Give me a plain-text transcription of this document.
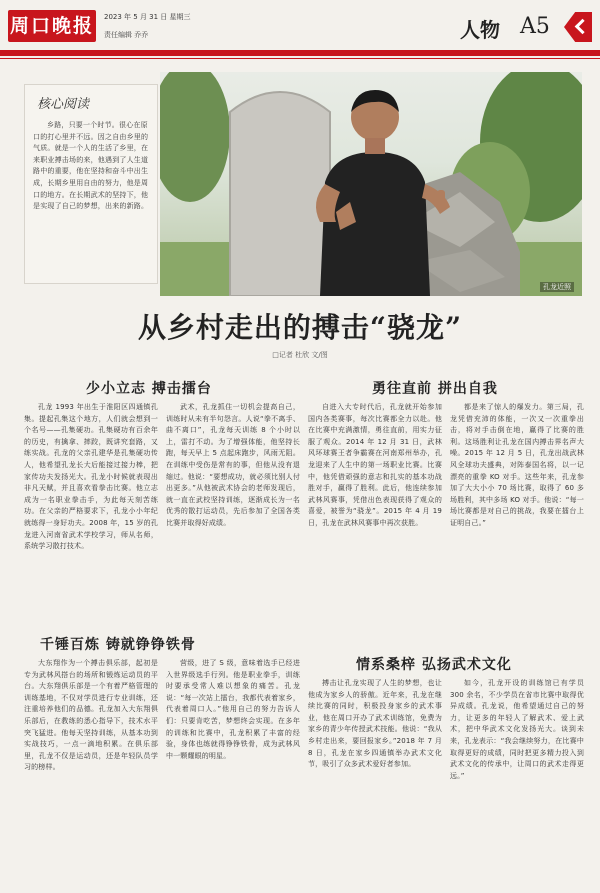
周口晚报 2023 年 5 月 31 日 星期三
责任编辑 乔乔	人物 A5
核心阅读
乡路，只要一个时节。很心在原口的打心里并不远。因之自由乡里的气质。就是一个人的生活了乡里，在来职业搏击场的来，他遇到了人生道路中的重要，他在坚持和奋斗中出生成，长期乡里用自由的努力，他是周口的地方。在长期武术的坚持下，他是实现了自己的梦想，出来的新路。
孔龙近照
从乡村走出的搏击“骁龙”
□记者 杜欣 文/图
少小立志 搏击擂台

孔龙 1993 年出生于淮阳区四通镇孔集。提起孔集这个地方，人们就会想到一个名号——孔集硬功。孔集硬功有百余年的历史，有擒拿、摔跤，既讲究套路，又练实战。孔龙的父亲孔建华是孔集硬功传人，他希望孔龙长大后能接过接力棒，把家传功夫发扬光大。孔龙小时候就表现出非凡天赋，并且喜欢看拳击比赛。他立志成为一名职业拳击手，为此每天刻苦练功。在父亲的严格要求下，孔龙小小年纪就练得一身好功夫。2008 年，15 岁的孔龙进入河南省武术学校学习，师从名师，系统学习散打技术。

武术，孔龙抓住一切机会提高自己，训练时从未有半句怨言。人说“拳不离手、曲不离口”，孔龙每天训练 8 个小时以上，雷打不动。为了增强体能，他坚持长跑，每天早上 5 点起床跑步，风雨无阻。在训练中受伤是常有的事，但他从没有退缩过。他说：“要想成功，就必须比别人付出更多。”从他被武术协会的老师发现后，就一直在武校坚持训练，逐渐成长为一名优秀的散打运动员，先后参加了全国各类比赛并取得好成绩。

勇往直前 拼出自我

自进入大专时代后，孔龙就开始参加国内各类赛事，每次比赛都全力以赴。他在比赛中充满激情，勇往直前，用实力征服了观众。2014 年 12 月 31 日，武林风环球赛王者争霸赛在河南郑州举办，孔龙迎来了人生中的第一场职业比赛。比赛中，他凭借顽强的意志和扎实的基本功战胜对手，赢得了胜利。此后，他连续参加武林风赛事，凭借出色表现获得了观众的喜爱，被誉为“骁龙”。2015 年 4 月 19 日，孔龙在武林风赛事中再次获胜。

都是来了惊人的爆发力。第三局，孔龙凭借充沛的体能，一次又一次重拳出击，将对手击倒在地，赢得了比赛的胜利。这场胜利让孔龙在国内搏击界名声大噪。2015 年 12 月 5 日，孔龙出战武林风全球功夫盛典，对阵泰国名将，以一记漂亮的重拳 KO 对手。这些年来，孔龙参加了大大小小 70 场比赛，取得了 60 多场胜利，其中多场 KO 对手。他说：“每一场比赛都是对自己的挑战，我要在擂台上证明自己。”

千锤百炼 铸就铮铮铁骨

大东翔作为一个搏击俱乐部，起初是专为武林风搭台的场所和锻炼运动员的平台。大东翔俱乐部是一个有着严格管理的训练基地，不仅对学员进行专业训练，还注重培养他们的品德。孔龙加入大东翔俱乐部后，在教练的悉心指导下，技术水平突飞猛进。他每天坚持训练，从基本功到实战技巧，一点一滴地积累。在俱乐部里，孔龙不仅是运动员，还是年轻队员学习的榜样。

营级，进了 S 级，意味着选手已经进入世界级选手行列。他是职业拳手，训练时要承受常人难以想象的痛苦。孔龙说：“每一次站上擂台，我都代表着家乡，代表着周口人。”他用自己的努力告诉人们：只要肯吃苦，梦想终会实现。在多年的训练和比赛中，孔龙积累了丰富的经验，身体也练就得铮铮铁骨，成为武林风中一颗耀眼的明星。

情系桑梓 弘扬武术文化

搏击让孔龙实现了人生的梦想，也让他成为家乡人的骄傲。近年来，孔龙在继续比赛的同时，积极投身家乡的武术事业，他在周口开办了武术训练馆，免费为家乡的青少年传授武术技能。他说：“我从乡村走出来，要回报家乡。”2018 年 7 月 8 日，孔龙在家乡四通镇举办武术文化节，吸引了众多武术爱好者参加。

如今，孔龙开设的训练馆已有学员 300 余名，不少学员在省市比赛中取得优异成绩。孔龙说，他希望通过自己的努力，让更多的年轻人了解武术、爱上武术，把中华武术文化发扬光大。谈到未来，孔龙表示：“我会继续努力，在比赛中取得更好的成绩，同时把更多精力投入到武术文化的传承中，让周口的武术走得更远。”
